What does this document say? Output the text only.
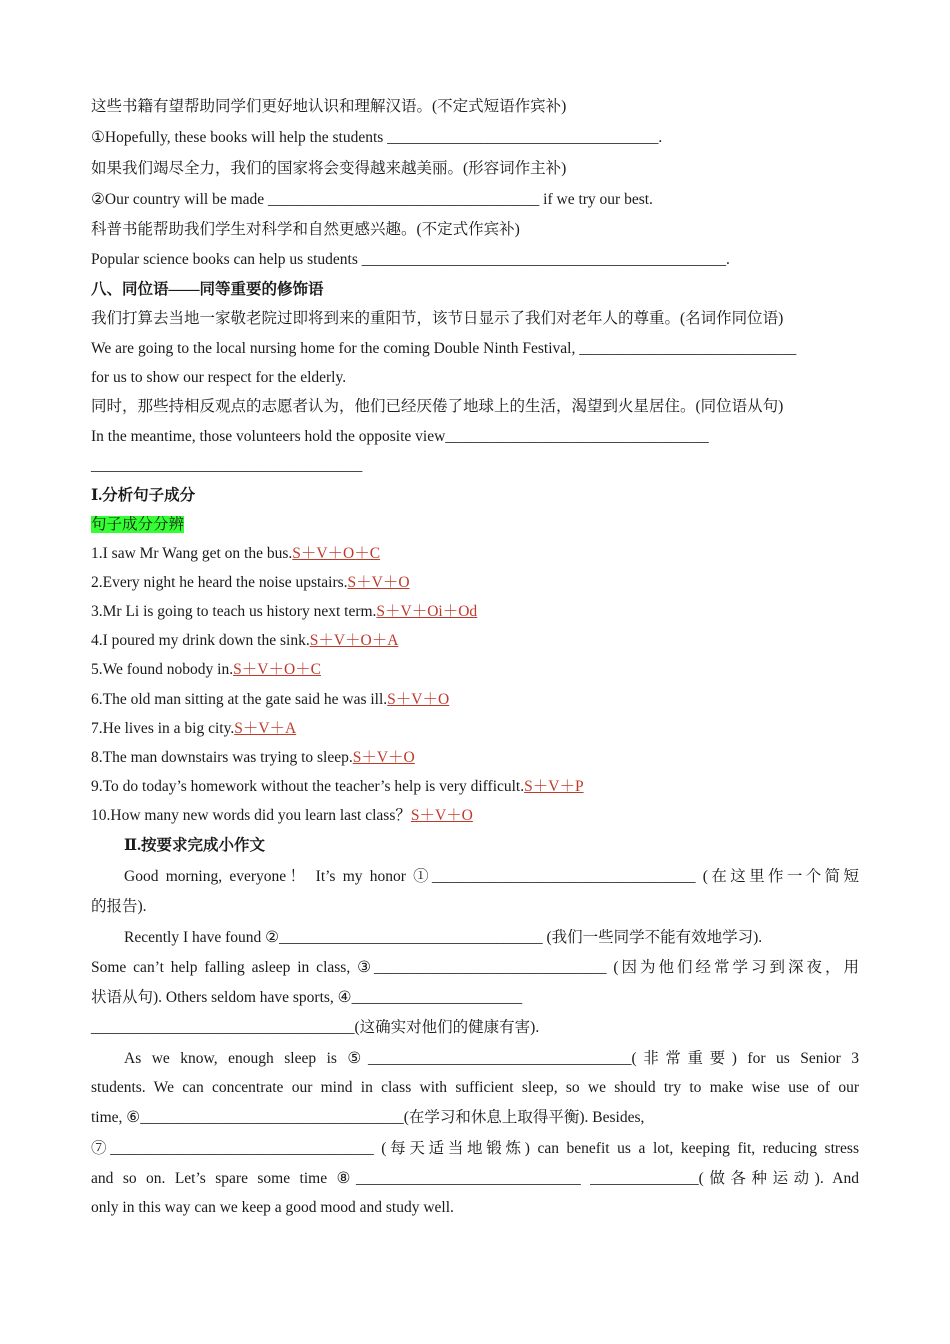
这些书籍有望帮助同学们更好地认识和理解汉语。(不定式短语作宾补)
①Hopefully, these books will help the students ___________________________________.
如果我们竭尽全力，我们的国家将会变得越来越美丽。(形容词作主补)
②Our country will be made ___________________________________ if we try our best.
科普书能帮助我们学生对科学和自然更感兴趣。(不定式作宾补)
Popular science books can help us students _______________________________________________.
八、同位语——同等重要的修饰语
我们打算去当地一家敬老院过即将到来的重阳节，该节日显示了我们对老年人的尊重。(名词作同位语)
We are going to the local nursing home for the coming Double Ninth Festival, ____________________________
for us to show our respect for the elderly.
同时，那些持相反观点的志愿者认为，他们已经厌倦了地球上的生活，渴望到火星居住。(同位语从句)
In the meantime, those volunteers hold the opposite view__________________________________
___________________________________
Ⅰ.分析句子成分
句子成分分辨
1.I saw Mr Wang get on the bus.S＋V＋O＋C
2.Every night he heard the noise upstairs.S＋V＋O
3.Mr Li is going to teach us history next term.S＋V＋Oi＋Od
4.I poured my drink down the sink.S＋V＋O＋A
5.We found nobody in.S＋V＋O＋C
6.The old man sitting at the gate said he was ill.S＋V＋O
7.He lives in a big city.S＋V＋A
8.The man downstairs was trying to sleep.S＋V＋O
9.To do today’s homework without the teacher’s help is very difficult.S＋V＋P
10.How many new words did you learn last class？S＋V＋O
Ⅱ.按要求完成小作文
Good morning, everyone！ It’s my honor ①__________________________________ (在这里作一个简短
的报告).
Recently I have found ②__________________________________ (我们一些同学不能有效地学习).
Some can’t help falling asleep in class, ③______________________________ (因为他们经常学习到深夜，用
状语从句). Others seldom have sports, ④______________________
__________________________________(这确实对他们的健康有害).
As we know, enough sleep is ⑤__________________________________(非常重要) for us Senior 3
students. We can concentrate our mind in class with sufficient sleep, so we should try to make wise use of our
time, ⑥__________________________________(在学习和休息上取得平衡). Besides,
⑦__________________________________ (每天适当地锻炼) can benefit us a lot, keeping fit, reducing stress
and so on. Let’s spare some time ⑧_____________________________ ______________(做各种运动). And
only in this way can we keep a good mood and study well.
